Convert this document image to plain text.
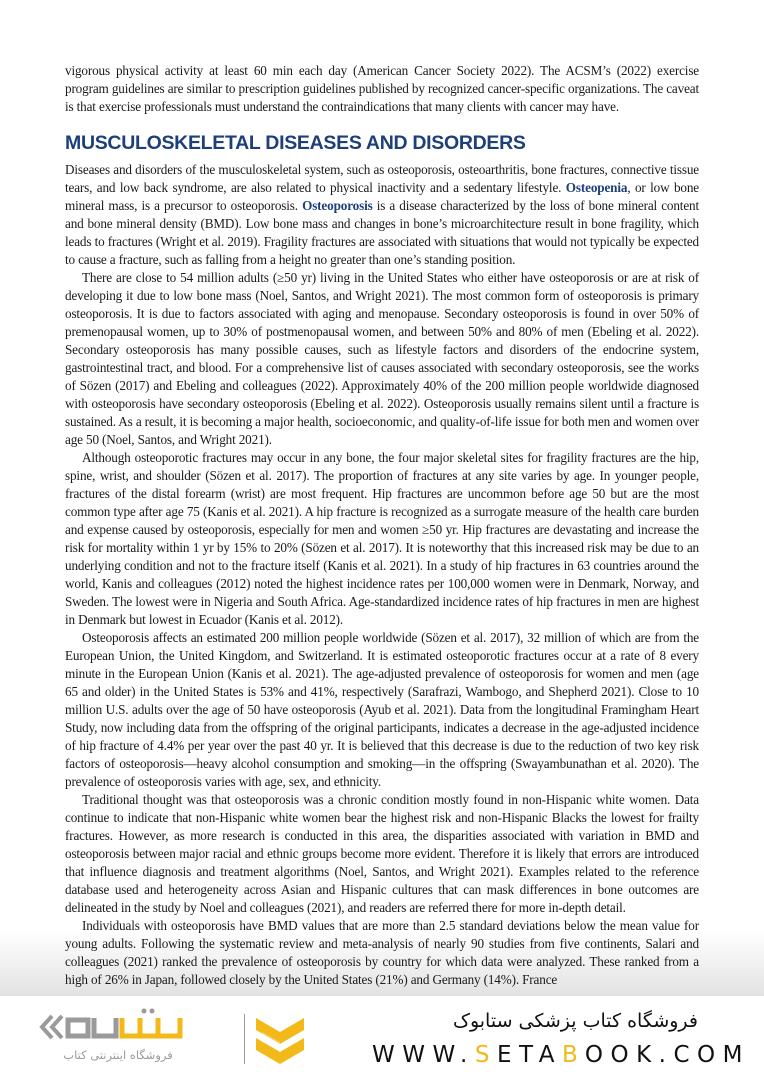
vigorous physical activity at least 60 min each day (American Cancer Society 2022). The ACSM’s (2022) exercise program guidelines are similar to prescription guidelines published by recognized cancer-specific organizations. The caveat is that exercise professionals must understand the contraindications that many clients with cancer may have.

MUSCULOSKELETAL DISEASES AND DISORDERS

Diseases and disorders of the musculoskeletal system, such as osteoporosis, osteoarthritis, bone fractures, connective tissue tears, and low back syndrome, are also related to physical inactivity and a sedentary lifestyle. Osteopenia, or low bone mineral mass, is a precursor to osteoporosis. Osteoporosis is a disease characterized by the loss of bone mineral content and bone mineral density (BMD). Low bone mass and changes in bone’s microarchitecture result in bone fragility, which leads to fractures (Wright et al. 2019). Fragility fractures are associated with situations that would not typically be expected to cause a fracture, such as falling from a height no greater than one’s standing position.

There are close to 54 million adults (≥50 yr) living in the United States who either have osteoporosis or are at risk of developing it due to low bone mass (Noel, Santos, and Wright 2021). The most common form of osteoporosis is primary osteoporosis. It is due to factors associated with aging and menopause. Secondary osteoporosis is found in over 50% of premenopausal women, up to 30% of postmenopausal women, and between 50% and 80% of men (Ebeling et al. 2022). Secondary osteoporosis has many possible causes, such as lifestyle factors and disorders of the endocrine system, gastrointestinal tract, and blood. For a comprehensive list of causes associated with secondary osteoporosis, see the works of Sözen (2017) and Ebeling and colleagues (2022). Approximately 40% of the 200 million people worldwide diagnosed with osteoporosis have secondary osteoporosis (Ebeling et al. 2022). Osteoporosis usually remains silent until a fracture is sustained. As a result, it is becoming a major health, socioeconomic, and quality-of-life issue for both men and women over age 50 (Noel, Santos, and Wright 2021).

Although osteoporotic fractures may occur in any bone, the four major skeletal sites for fragility fractures are the hip, spine, wrist, and shoulder (Sözen et al. 2017). The proportion of fractures at any site varies by age. In younger people, fractures of the distal forearm (wrist) are most frequent. Hip fractures are uncommon before age 50 but are the most common type after age 75 (Kanis et al. 2021). A hip fracture is recognized as a surrogate measure of the health care burden and expense caused by osteoporosis, especially for men and women ≥50 yr. Hip fractures are devastating and increase the risk for mortality within 1 yr by 15% to 20% (Sözen et al. 2017). It is noteworthy that this increased risk may be due to an underlying condition and not to the fracture itself (Kanis et al. 2021). In a study of hip fractures in 63 countries around the world, Kanis and colleagues (2012) noted the highest incidence rates per 100,000 women were in Denmark, Norway, and Sweden. The lowest were in Nigeria and South Africa. Age-standardized incidence rates of hip fractures in men are highest in Denmark but lowest in Ecuador (Kanis et al. 2012).

Osteoporosis affects an estimated 200 million people worldwide (Sözen et al. 2017), 32 million of which are from the European Union, the United Kingdom, and Switzerland. It is estimated osteoporotic fractures occur at a rate of 8 every minute in the European Union (Kanis et al. 2021). The age-adjusted prevalence of osteoporosis for women and men (age 65 and older) in the United States is 53% and 41%, respectively (Sarafrazi, Wambogo, and Shepherd 2021). Close to 10 million U.S. adults over the age of 50 have osteoporosis (Ayub et al. 2021). Data from the longitudinal Framingham Heart Study, now including data from the offspring of the original participants, indicates a decrease in the age-adjusted incidence of hip fracture of 4.4% per year over the past 40 yr. It is believed that this decrease is due to the reduction of two key risk factors of osteoporosis—heavy alcohol consumption and smoking—in the offspring (Swayambunathan et al. 2020). The prevalence of osteoporosis varies with age, sex, and ethnicity.

Traditional thought was that osteoporosis was a chronic condition mostly found in non-Hispanic white women. Data continue to indicate that non-Hispanic white women bear the highest risk and non-Hispanic Blacks the lowest for frailty fractures. However, as more research is conducted in this area, the disparities associated with variation in BMD and osteoporosis between major racial and ethnic groups become more evident. Therefore it is likely that errors are introduced that influence diagnosis and treatment algorithms (Noel, Santos, and Wright 2021). Examples related to the reference database used and heterogeneity across Asian and Hispanic cultures that can mask differences in bone outcomes are delineated in the study by Noel and colleagues (2021), and readers are referred there for more in-depth detail.

Individuals with osteoporosis have BMD values that are more than 2.5 standard deviations below the mean value for young adults. Following the systematic review and meta-analysis of nearly 90 studies from five continents, Salari and colleagues (2021) ranked the prevalence of osteoporosis by country for which data were analyzed. These ranked from a high of 26% in Japan, followed closely by the United States (21%) and Germany (14%). France

فروشگاه اینترنتی کتاب
فروشگاه کتاب پزشکی ستابوک
WWW.SETABOOK.COM
